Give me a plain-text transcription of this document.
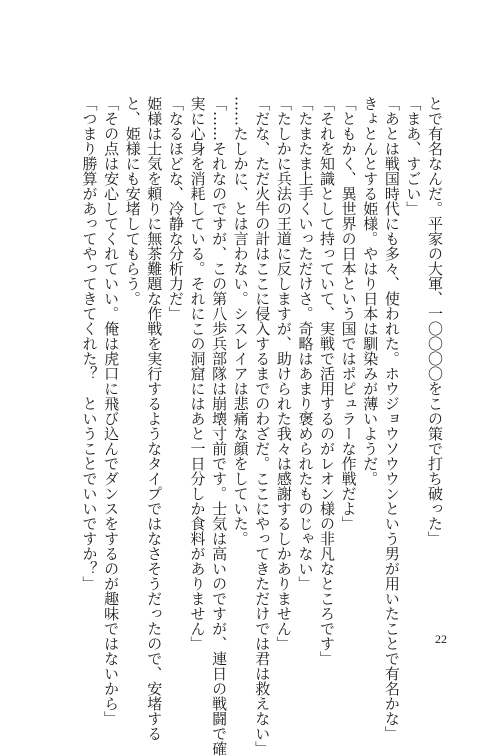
とで有名なんだ。平家の大軍、一〇〇〇〇をこの策で打ち破った」
「まあ、すごい」
「あとは戦国時代にも多々、使われた。ホウジョウソウウンという男が用いたことで有名かな」
きょとんとする姫様。やはり日本は馴染みが薄いようだ。
「ともかく、異世界の日本という国ではポピュラーな作戦だよ」
「それを知識として持っていて、実戦で活用するのがレオン様の非凡なところです」
「たまたま上手くいっただけさ。奇略はあまり褒められたものじゃない」
「たしかに兵法の王道に反しますが、助けられた我々は感謝するしかありません」
「だな、ただ火牛の計はここに侵入するまでのわざだ。ここにやってきただけでは君は救えない」
……たしかに、とは言わない。シスレイアは悲痛な顔をしていた。
「……それなのですが、この第八歩兵部隊は崩壊寸前です。士気は高いのですが、連日の戦闘で確
実に心身を消耗している。それにこの洞窟にはあと一日分しか食料がありません」
「なるほどな、冷静な分析力だ」
姫様は士気を頼りに無茶難題な作戦を実行するようなタイプではなさそうだったので、安堵する
と、姫様にも安堵してもらう。
「その点は安心してくれていい。俺は虎口に飛び込んでダンスをするのが趣味ではないから」
「つまり勝算があってやってきてくれた？　ということでいいですか？」
22
